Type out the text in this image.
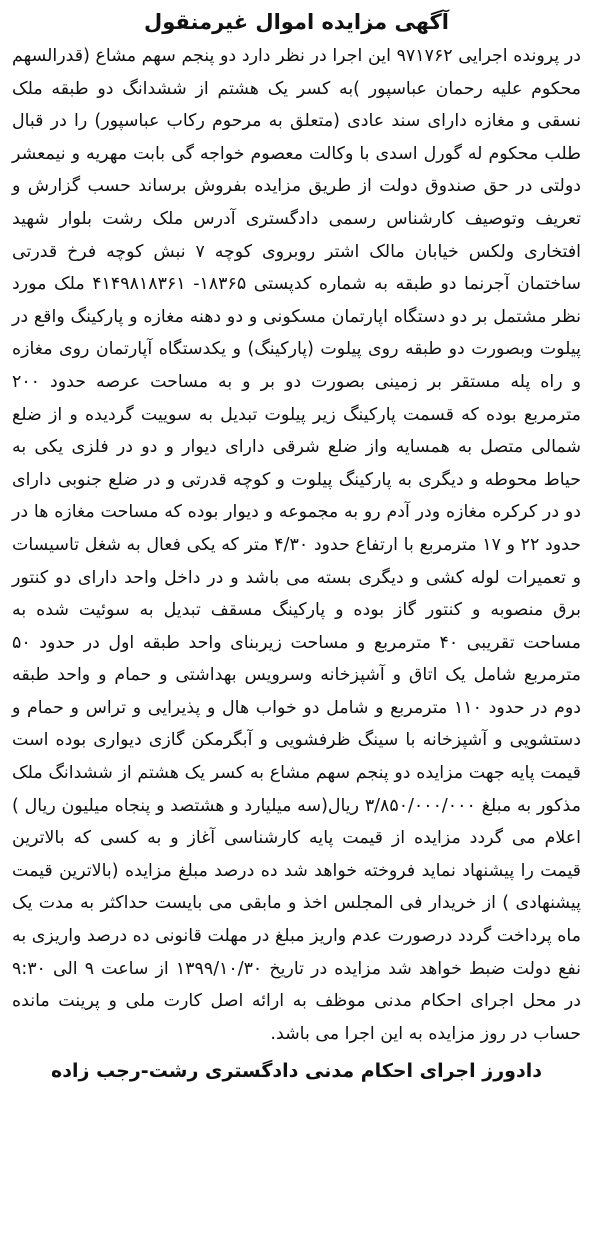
آگهی مزایده اموال غیرمنقول

در پرونده اجرایی ۹۷۱۷۶۲ این اجرا در نظر دارد دو پنجم سهم مشاع (قدرالسهم محکوم علیه رحمان عباسپور )به کسر یک هشتم از ششدانگ دو طبقه ملک نسقی و مغازه دارای سند عادی (متعلق به مرحوم رکاب عباسپور) را در قبال طلب محکوم له گورل اسدی با وکالت معصوم خواجه گی بابت مهریه و نیمعشر دولتی در حق صندوق دولت از طریق مزایده بفروش برساند حسب گزارش و تعریف وتوصیف کارشناس رسمی دادگستری آدرس ملک رشت بلوار شهید افتخاری ولکس خیابان مالک اشتر روبروی کوچه ۷ نبش کوچه فرخ قدرتی ساختمان آجرنما دو طبقه به شماره کدپستی ۱۸۳۶۵- ۴۱۴۹۸۱۸۳۶۱ ملک مورد نظر مشتمل بر دو دستگاه اپارتمان مسکونی و دو دهنه مغازه و پارکینگ واقع در پیلوت وبصورت دو طبقه روی پیلوت (پارکینگ) و یکدستگاه آپارتمان روی مغازه و راه پله مستقر بر زمینی بصورت دو بر و به مساحت عرصه حدود ۲۰۰ مترمربع بوده که قسمت پارکینگ زیر پیلوت تبدیل به سوییت گردیده و از ضلع شمالی متصل به همسایه واز ضلع شرقی دارای دیوار و دو در فلزی یکی به حیاط محوطه و دیگری به پارکینگ پیلوت و کوچه قدرتی و در ضلع جنوبی دارای دو در کرکره مغازه ودر آدم رو به مجموعه و دیوار بوده که مساحت مغازه ها در حدود ۲۲ و ۱۷ مترمربع با ارتفاع حدود ۴/۳۰ متر که یکی فعال به شغل تاسیسات و تعمیرات لوله کشی و دیگری بسته می باشد و در داخل واحد دارای دو کنتور برق منصوبه و کنتور گاز بوده و پارکینگ مسقف تبدیل به سوئیت شده به مساحت تقریبی ۴۰ مترمربع و مساحت زیربنای واحد طبقه اول در حدود ۵۰ مترمربع شامل یک اتاق و آشپزخانه وسرویس بهداشتی و حمام و واحد طبقه دوم در حدود ۱۱۰ مترمربع و شامل دو خواب هال و پذیرایی و تراس و حمام و دستشویی و آشپزخانه با سینگ ظرفشویی و آبگرمکن گازی دیواری بوده است قیمت پایه جهت مزایده دو پنجم سهم مشاع به کسر یک هشتم از ششدانگ ملک مذکور به مبلغ ۳/۸۵۰/۰۰۰/۰۰۰ ریال(سه میلیارد و هشتصد و پنجاه میلیون ریال ) اعلام می گردد مزایده از قیمت پایه کارشناسی آغاز و به کسی که بالاترین قیمت را پیشنهاد نماید فروخته خواهد شد ده درصد مبلغ مزایده (بالاترین قیمت پیشنهادی ) از خریدار فی المجلس اخذ و مابقی می بایست حداکثر به مدت یک ماه پرداخت گردد درصورت عدم واریز مبلغ در مهلت قانونی ده درصد واریزی به نفع دولت ضبط خواهد شد مزایده در تاریخ ۱۳۹۹/۱۰/۳۰ از ساعت ۹ الی ۹:۳۰ در محل اجرای احکام مدنی موظف به ارائه اصل کارت ملی و پرینت مانده حساب در روز مزایده به این اجرا می باشد.

دادورز اجرای احکام مدنی دادگستری رشت-رجب زاده
